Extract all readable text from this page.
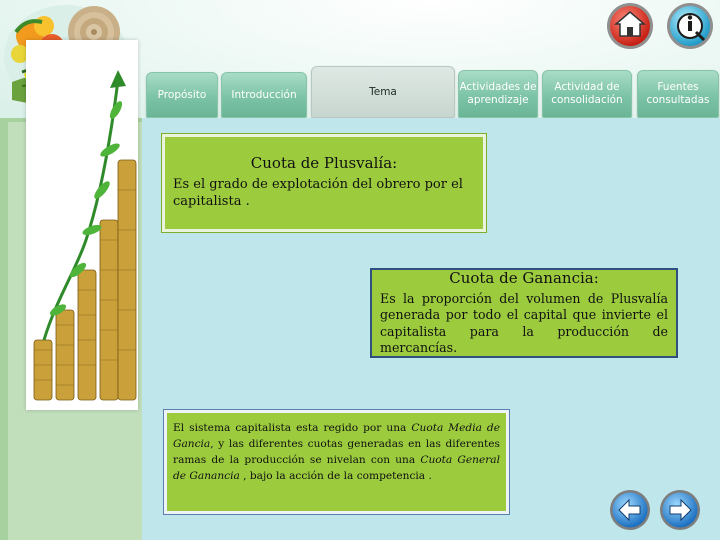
Propósito Introducción	Tema	Actividades de aprendizaje
Actividad de consolidación
Fuentes consultadas
Cuota de Plusvalía:
Es el grado de explotación del obrero por el capitalista .
Cuota de Ganancia:
Es la proporción del volumen de Plusvalía generada por todo el capital que invierte el capitalista para la producción de mercancías.
El sistema capitalista esta regido por una Cuota Media de Gancia, y las diferentes cuotas generadas en las diferentes ramas de la producción se nivelan con una Cuota General de Ganancia , bajo la acción de la competencia .
